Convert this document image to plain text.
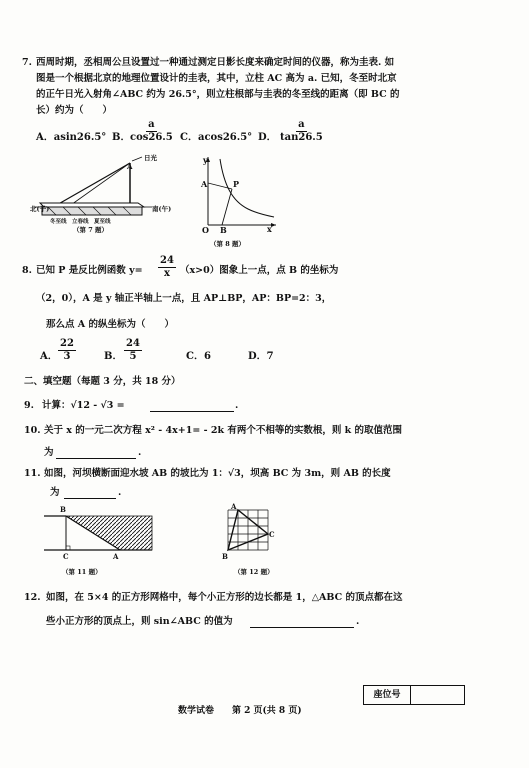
7. 西周时期，丞相周公旦设置过一种通过测定日影长度来确定时间的仪器，称为圭表. 如
图是一个根据北京的地理位置设计的圭表，其中，立柱 AC 高为 a. 已知，冬至时北京
的正午日光入射角∠ABC 约为 26.5°，则立柱根部与圭表的冬至线的距离（即 BC 的
长）约为（　　）
A．asin26.5° B． $\frac{a}{\cos 26.5}$ C．acos26.5° D． $\frac{a}{\tan 26.5}$
A
日光
北(子)	南(午)
冬至线　立春线　夏至线
（第 7 题）
y
A	P
O B	x
（第 8 题）
8. 已知 P 是反比例函数 $y= \frac{24}{x} (x>0)$图象上一点，点 B 的坐标为
（2，0），A 是 y 轴正半轴上一点，且 AP⊥BP，AP：BP=2：3，
那么点 A 的纵坐标为（　　）
A． $\frac{22}{3}$	B． $\frac{24}{5}$	C．6	D．7
二、填空题（每题 3 分，共 18 分）
9. 计算：√12 - √3 =	.
10. 关于 x 的一元二次方程 x² - 4x+1= - 2k 有两个不相等的实数根，则 k 的取值范围
为	.
11. 如图，河坝横断面迎水坡 AB 的坡比为 1：√3，坝高 BC 为 3m，则 AB 的长度
为	.
B
A
C
（第 11 题）
A
B
C
（第 12 题）
12. 如图，在 5×4 的正方形网格中，每个小正方形的边长都是 1，△ABC 的顶点都在这
些小正方形的顶点上，则 sin∠ABC 的值为	.
座位号
数学试卷　　第 2 页(共 8 页)
